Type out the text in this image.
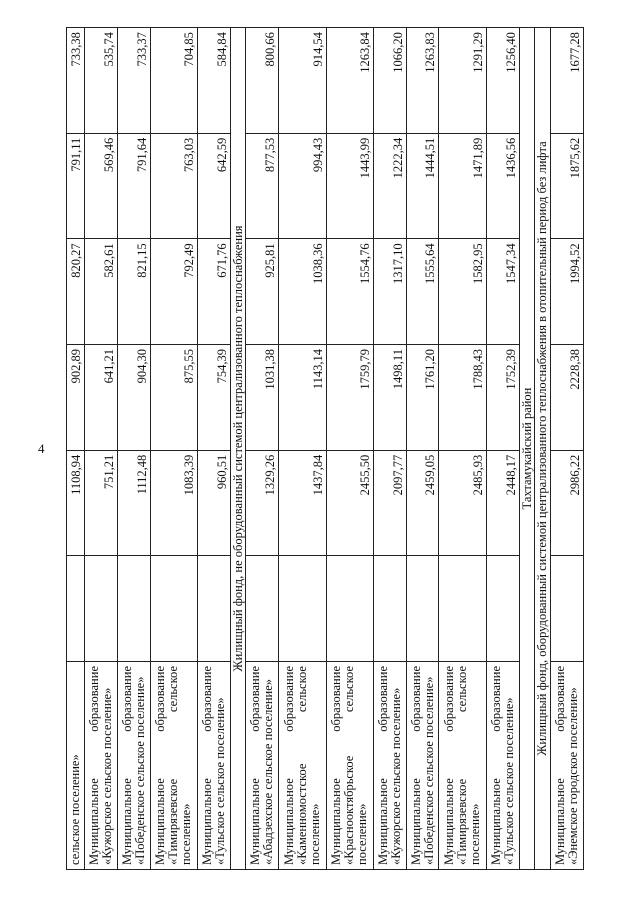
4
сельское поселение»		1108,94	902,89	820,27	791,11	733,38
Муниципальное образование «Кужорское сельское поселение»		751,21	641,21	582,61	569,46	535,74
Муниципальное образование «Победенское сельское поселение»		1112,48	904,30	821,15	791,64	733,37
Муниципальное образование «Тимирязевское сельское поселение»		1083,39	875,55	792,49	763,03	704,85
Муниципальное образование «Тульское сельское поселение»		960,51	754,39	671,76	642,59	584,84
Жилищный фонд, не оборудованный системой централизованного теплоснабжения						
Муниципальное образование «Абадзехское сельское поселение»		1329,26	1031,38	925,81	877,53	800,66
Муниципальное образование «Каменномостское сельское поселение»		1437,84	1143,14	1038,36	994,43	914,54
Муниципальное образование «Краснооктябрьское сельское поселение»		2455,50	1759,79	1554,76	1443,99	1263,84
Муниципальное образование «Кужорское сельское поселение»		2097,77	1498,11	1317,10	1222,34	1066,20
Муниципальное образование «Победенское сельское поселение»		2459,05	1761,20	1555,64	1444,51	1263,83
Муниципальное образование «Тимирязевское сельское поселение»		2485,93	1788,43	1582,95	1471,89	1291,29
Муниципальное образование «Тульское сельское поселение»		2448,17	1752,39	1547,34	1436,56	1256,40
Тахтамукайский район						
Жилищный фонд, оборудованный системой централизованного теплоснабжения в отопительный период без лифта						
Муниципальное образование «Энемское городское поселение»		2986,22	2228,38	1994,52	1875,62	1677,28
